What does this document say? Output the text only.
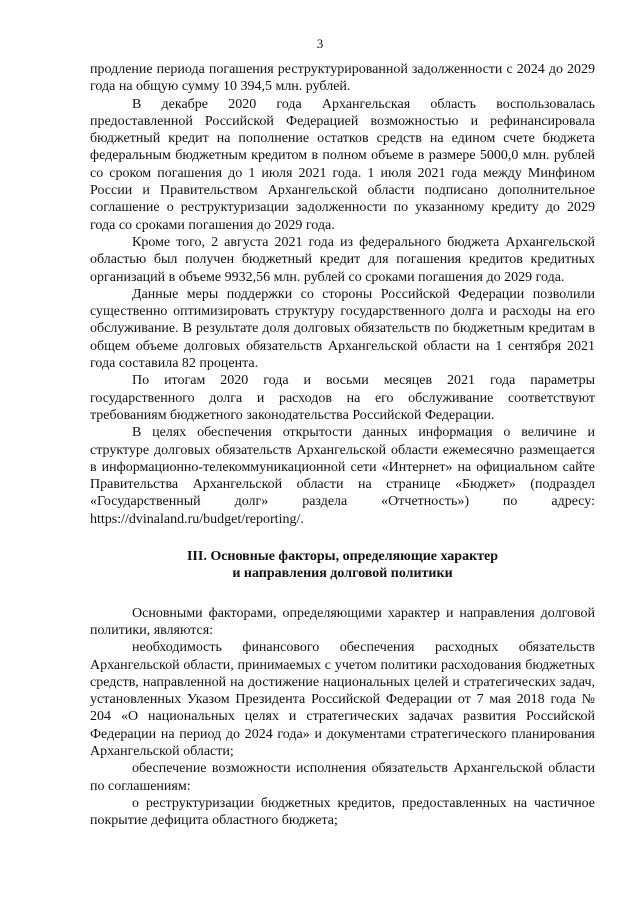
3

продление периода погашения реструктурированной задолженности с 2024 до 2029 года на общую сумму 10 394,5 млн. рублей.

В декабре 2020 года Архангельская область воспользовалась предоставленной Российской Федерацией возможностью и рефинансировала бюджетный кредит на пополнение остатков средств на едином счете бюджета федеральным бюджетным кредитом в полном объеме в размере 5000,0 млн. рублей со сроком погашения до 1 июля 2021 года. 1 июля 2021 года между Минфином России и Правительством Архангельской области подписано дополнительное соглашение о реструктуризации задолженности по указанному кредиту до 2029 года со сроками погашения до 2029 года.

Кроме того, 2 августа 2021 года из федерального бюджета Архангельской областью был получен бюджетный кредит для погашения кредитов кредитных организаций в объеме 9932,56 млн. рублей со сроками погашения до 2029 года.

Данные меры поддержки со стороны Российской Федерации позволили существенно оптимизировать структуру государственного долга и расходы на его обслуживание. В результате доля долговых обязательств по бюджетным кредитам в общем объеме долговых обязательств Архангельской области на 1 сентября 2021 года составила 82 процента.

По итогам 2020 года и восьми месяцев 2021 года параметры государственного долга и расходов на его обслуживание соответствуют требованиям бюджетного законодательства Российской Федерации.

В целях обеспечения открытости данных информация о величине и структуре долговых обязательств Архангельской области ежемесячно размещается в информационно-телекоммуникационной сети «Интернет» на официальном сайте Правительства Архангельской области на странице «Бюджет» (подраздел «Государственный долг» раздела «Отчетность») по адресу: https://dvinaland.ru/budget/reporting/.

III. Основные факторы, определяющие характер
и направления долговой политики

Основными факторами, определяющими характер и направления долговой политики, являются:

необходимость финансового обеспечения расходных обязательств Архангельской области, принимаемых с учетом политики расходования бюджетных средств, направленной на достижение национальных целей и стратегических задач, установленных Указом Президента Российской Федерации от 7 мая 2018 года № 204 «О национальных целях и стратегических задачах развития Российской Федерации на период до 2024 года» и документами стратегического планирования Архангельской области;

обеспечение возможности исполнения обязательств Архангельской области по соглашениям:

о реструктуризации бюджетных кредитов, предоставленных на частичное покрытие дефицита областного бюджета;
